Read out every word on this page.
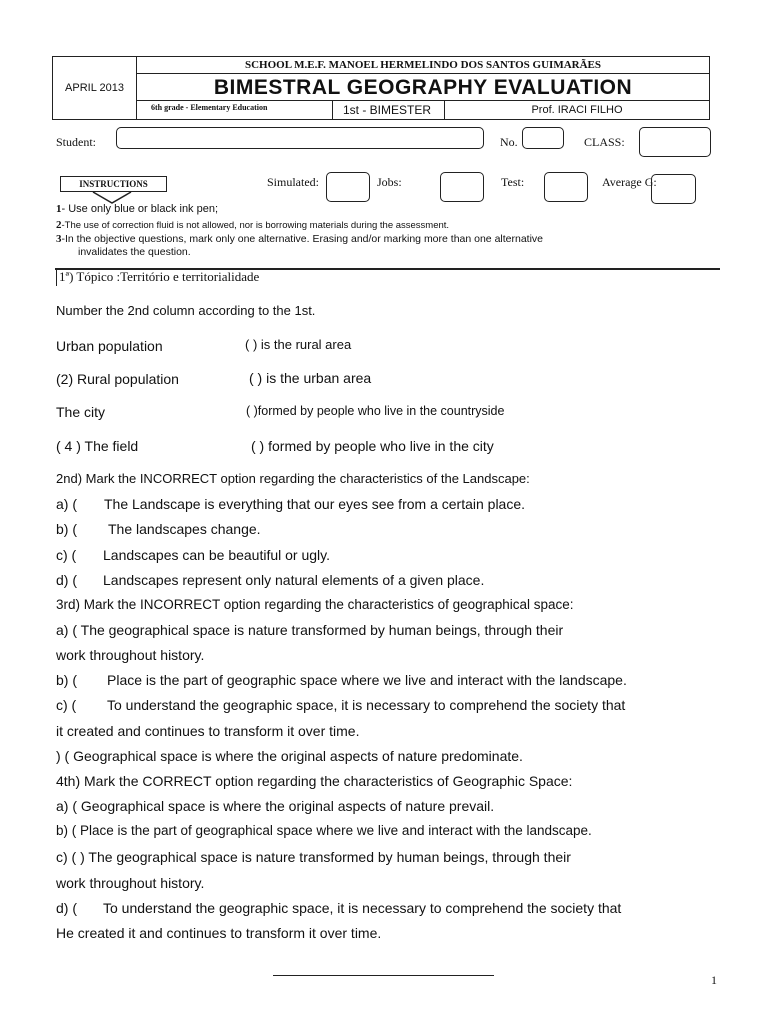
APRIL 2013
SCHOOL M.E.F. MANOEL HERMELINDO DOS SANTOS GUIMARÃES
BIMESTRAL GEOGRAPHY EVALUATION
6th grade - Elementary Education	1st - BIMESTER	Prof. IRACI FILHO
Student:	No.	CLASS:
INSTRUCTIONS	Simulated:	Jobs:	Test:	Average G:
1- Use only blue or black ink pen;
2-The use of correction fluid is not allowed, nor is borrowing materials during the assessment.
3-In the objective questions, mark only one alternative. Erasing and/or marking more than one alternative
invalidates the question.
1ª) Tópico :Território e territorialidade
Number the 2nd column according to the 1st.
Urban population	( ) is the rural area
(2) Rural population	( ) is the urban area
The city	( )formed by people who live in the countryside
( 4 ) The field	( ) formed by people who live in the city
2nd) Mark the INCORRECT option regarding the characteristics of the Landscape:
a) ( The Landscape is everything that our eyes see from a certain place.
b) ( The landscapes change.
c) ( Landscapes can be beautiful or ugly.
d) ( Landscapes represent only natural elements of a given place.
3rd) Mark the INCORRECT option regarding the characteristics of geographical space:
a) ( The geographical space is nature transformed by human beings, through their
work throughout history.
b) ( Place is the part of geographic space where we live and interact with the landscape.
c) ( To understand the geographic space, it is necessary to comprehend the society that
it created and continues to transform it over time.
) ( Geographical space is where the original aspects of nature predominate.
4th) Mark the CORRECT option regarding the characteristics of Geographic Space:
a) ( Geographical space is where the original aspects of nature prevail.
b) ( Place is the part of geographical space where we live and interact with the landscape.
c) ( ) The geographical space is nature transformed by human beings, through their
work throughout history.
d) ( To understand the geographic space, it is necessary to comprehend the society that
He created it and continues to transform it over time.
1
